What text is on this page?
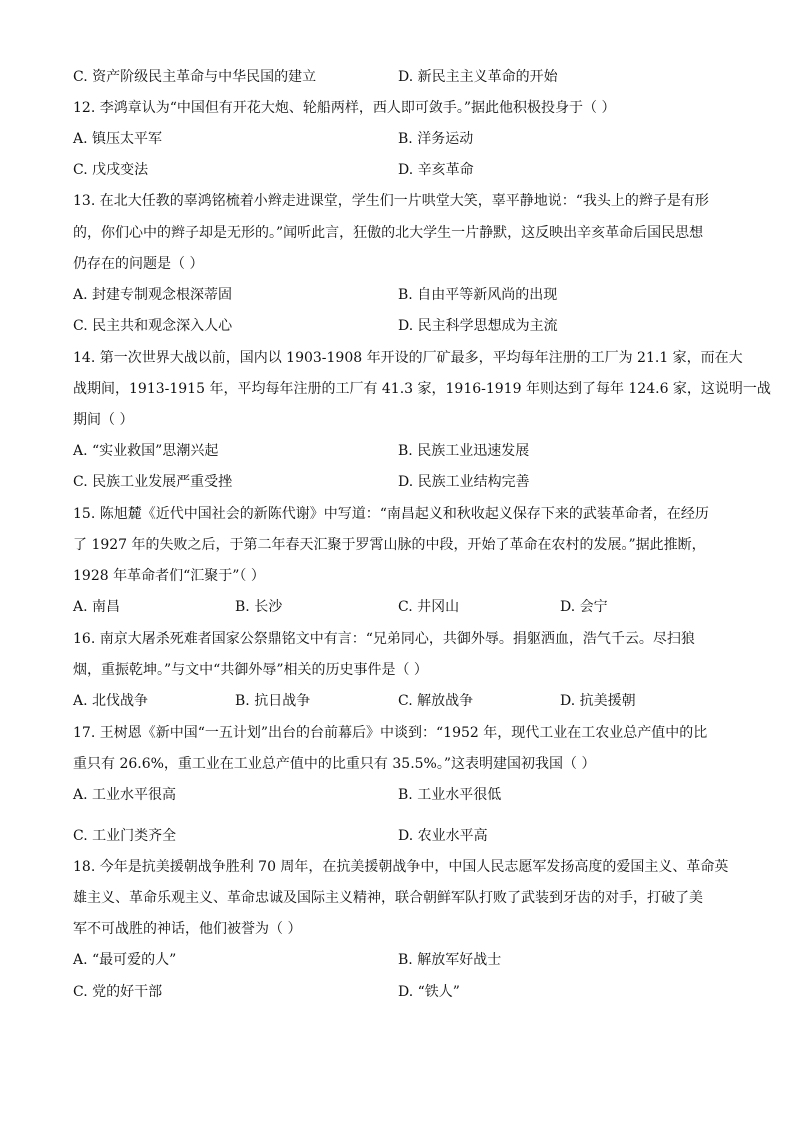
C. 资产阶级民主革命与中华民国的建立	D. 新民主主义革命的开始
12. 李鸿章认为“中国但有开花大炮、轮船两样，西人即可敛手。”据此他积极投身于（ ）
A. 镇压太平军	B. 洋务运动
C. 戊戌变法	D. 辛亥革命
13. 在北大任教的辜鸿铭梳着小辫走进课堂，学生们一片哄堂大笑，辜平静地说：“我头上的辫子是有形
的，你们心中的辫子却是无形的。”闻听此言，狂傲的北大学生一片静默，这反映出辛亥革命后国民思想
仍存在的问题是（ ）
A. 封建专制观念根深蒂固	B. 自由平等新风尚的出现
C. 民主共和观念深入人心	D. 民主科学思想成为主流
14. 第一次世界大战以前，国内以 1903-1908 年开设的厂矿最多，平均每年注册的工厂为 21.1 家，而在大
战期间，1913-1915 年，平均每年注册的工厂有 41.3 家，1916-1919 年则达到了每年 124.6 家，这说明一战
期间（ ）
A. “实业救国”思潮兴起	B. 民族工业迅速发展
C. 民族工业发展严重受挫	D. 民族工业结构完善
15. 陈旭麓《近代中国社会的新陈代谢》中写道：“南昌起义和秋收起义保存下来的武装革命者，在经历
了 1927 年的失败之后，于第二年春天汇聚于罗霄山脉的中段，开始了革命在农村的发展。”据此推断，
1928 年革命者们“汇聚于”（ ）
A. 南昌	B. 长沙	C. 井冈山	D. 会宁
16. 南京大屠杀死难者国家公祭鼎铭文中有言：“兄弟同心，共御外辱。捐躯洒血，浩气千云。尽扫狼
烟，重振乾坤。”与文中“共御外辱”相关的历史事件是（ ）
A. 北伐战争	B. 抗日战争	C. 解放战争	D. 抗美援朝
17. 王树恩《新中国“一五计划”出台的台前幕后》中谈到：“1952 年，现代工业在工农业总产值中的比
重只有 26.6%，重工业在工业总产值中的比重只有 35.5%。”这表明建国初我国（ ）
A. 工业水平很高	B. 工业水平很低
C. 工业门类齐全	D. 农业水平高
18. 今年是抗美援朝战争胜利 70 周年，在抗美援朝战争中，中国人民志愿军发扬高度的爱国主义、革命英
雄主义、革命乐观主义、革命忠诚及国际主义精神，联合朝鲜军队打败了武装到牙齿的对手，打破了美
军不可战胜的神话，他们被誉为（ ）
A. “最可爱的人”	B. 解放军好战士
C. 党的好干部	D. “铁人”
